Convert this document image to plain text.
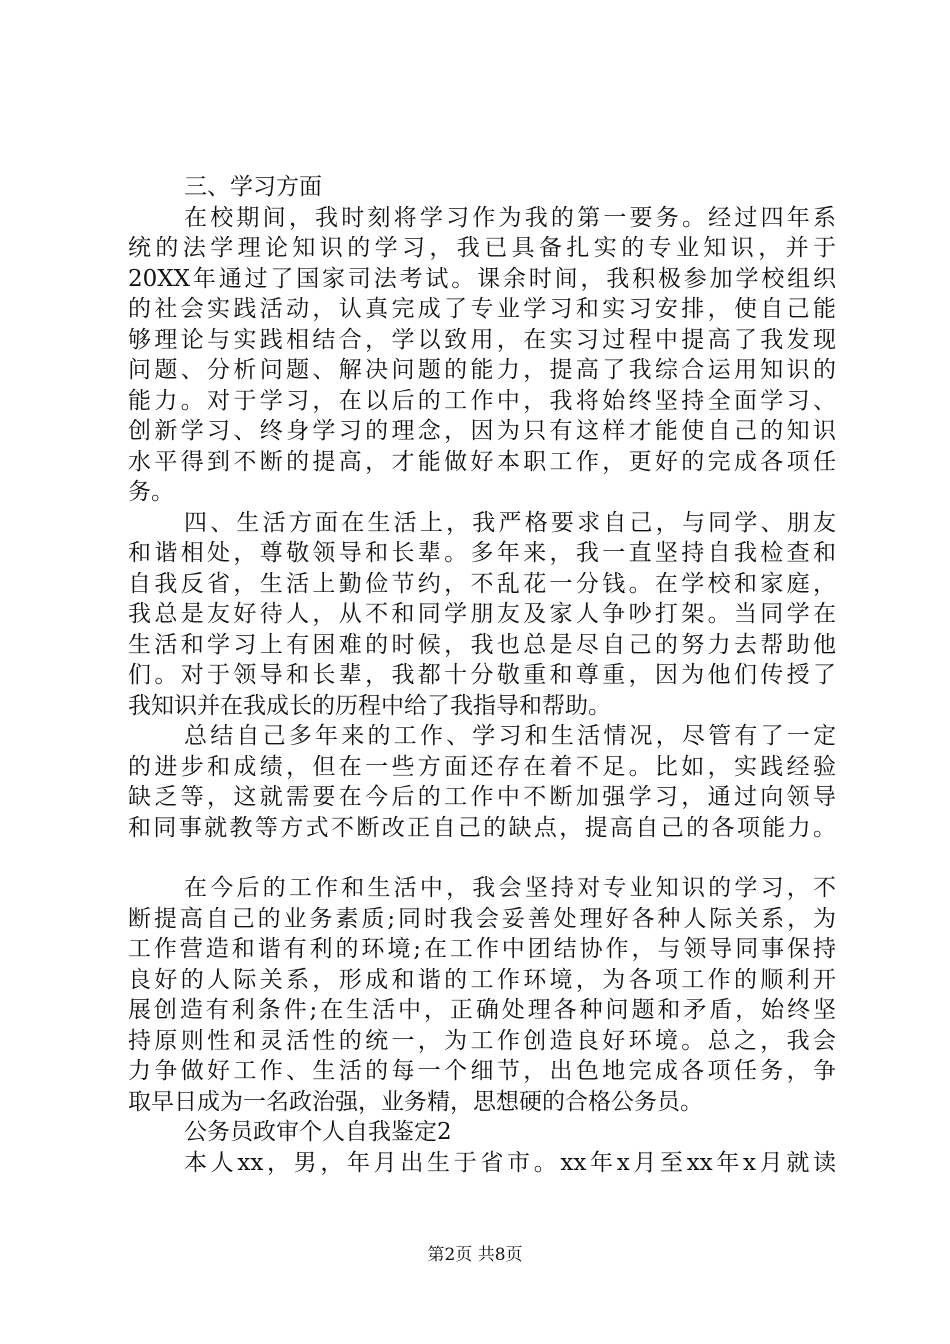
三、学习方面
在校期间，我时刻将学习作为我的第一要务。经过四年系
统的法学理论知识的学习，我已具备扎实的专业知识，并于
20XX年通过了国家司法考试。课余时间，我积极参加学校组织
的社会实践活动，认真完成了专业学习和实习安排，使自己能
够理论与实践相结合，学以致用，在实习过程中提高了我发现
问题、分析问题、解决问题的能力，提高了我综合运用知识的
能力。对于学习，在以后的工作中，我将始终坚持全面学习、
创新学习、终身学习的理念，因为只有这样才能使自己的知识
水平得到不断的提高，才能做好本职工作，更好的完成各项任
务。
四、生活方面在生活上，我严格要求自己，与同学、朋友
和谐相处，尊敬领导和长辈。多年来，我一直坚持自我检查和
自我反省，生活上勤俭节约，不乱花一分钱。在学校和家庭，
我总是友好待人，从不和同学朋友及家人争吵打架。当同学在
生活和学习上有困难的时候，我也总是尽自己的努力去帮助他
们。对于领导和长辈，我都十分敬重和尊重，因为他们传授了
我知识并在我成长的历程中给了我指导和帮助。
总结自己多年来的工作、学习和生活情况，尽管有了一定
的进步和成绩，但在一些方面还存在着不足。比如，实践经验
缺乏等，这就需要在今后的工作中不断加强学习，通过向领导
和同事就教等方式不断改正自己的缺点，提高自己的各项能力。
在今后的工作和生活中，我会坚持对专业知识的学习，不
断提高自己的业务素质;同时我会妥善处理好各种人际关系，为
工作营造和谐有利的环境;在工作中团结协作，与领导同事保持
良好的人际关系，形成和谐的工作环境，为各项工作的顺利开
展创造有利条件;在生活中，正确处理各种问题和矛盾，始终坚
持原则性和灵活性的统一，为工作创造良好环境。总之，我会
力争做好工作、生活的每一个细节，出色地完成各项任务，争
取早日成为一名政治强，业务精，思想硬的合格公务员。
公务员政审个人自我鉴定2
本人xx，男，年月出生于省市。xx年x月至xx年x月就读
第2页 共8页
